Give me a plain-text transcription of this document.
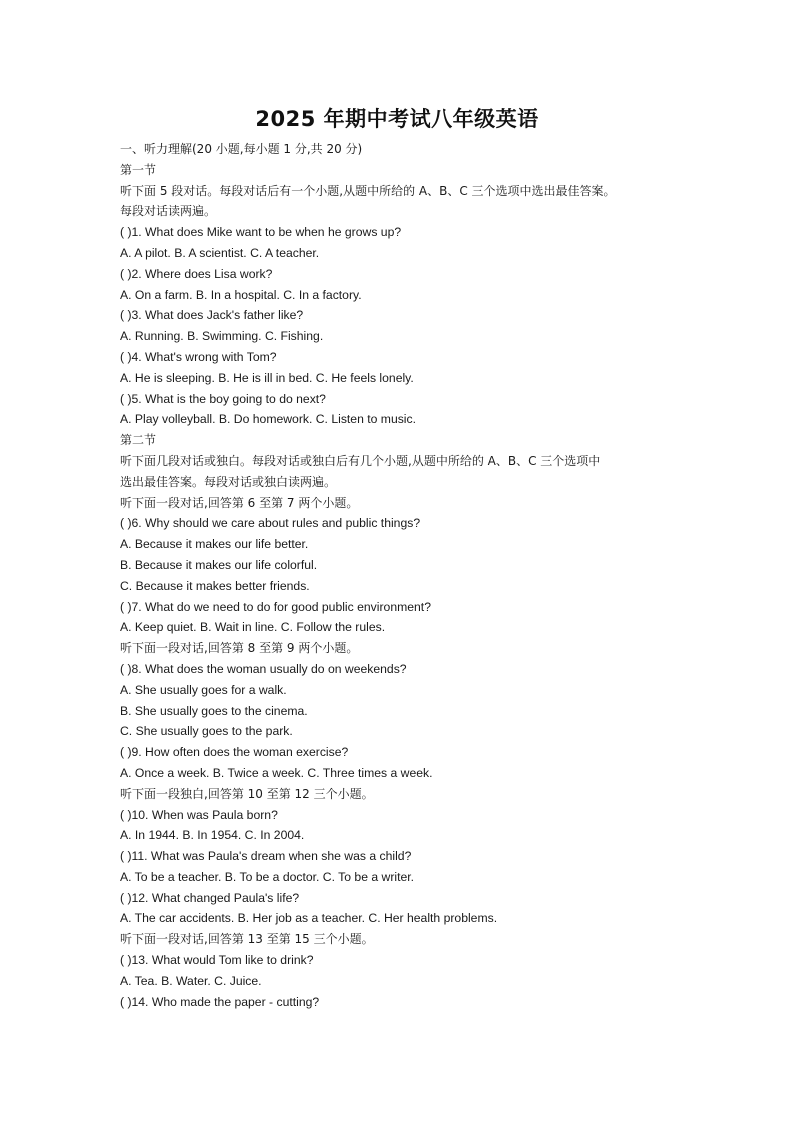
2025 年期中考试八年级英语
一、听力理解(20 小题,每小题 1 分,共 20 分)
第一节
听下面 5 段对话。每段对话后有一个小题,从题中所给的 A、B、C 三个选项中选出最佳答案。
每段对话读两遍。
( )1. What does Mike want to be when he grows up?
A. A pilot. B. A scientist. C. A teacher.
( )2. Where does Lisa work?
A. On a farm. B. In a hospital. C. In a factory.
( )3. What does Jack's father like?
A. Running. B. Swimming. C. Fishing.
( )4. What's wrong with Tom?
A. He is sleeping. B. He is ill in bed. C. He feels lonely.
( )5. What is the boy going to do next?
A. Play volleyball. B. Do homework. C. Listen to music.
第二节
听下面几段对话或独白。每段对话或独白后有几个小题,从题中所给的 A、B、C 三个选项中
选出最佳答案。每段对话或独白读两遍。
听下面一段对话,回答第 6 至第 7 两个小题。
( )6. Why should we care about rules and public things?
A. Because it makes our life better.
B. Because it makes our life colorful.
C. Because it makes better friends.
( )7. What do we need to do for good public environment?
A. Keep quiet. B. Wait in line. C. Follow the rules.
听下面一段对话,回答第 8 至第 9 两个小题。
( )8. What does the woman usually do on weekends?
A. She usually goes for a walk.
B. She usually goes to the cinema.
C. She usually goes to the park.
( )9. How often does the woman exercise?
A. Once a week. B. Twice a week. C. Three times a week.
听下面一段独白,回答第 10 至第 12 三个小题。
( )10. When was Paula born?
A. In 1944. B. In 1954. C. In 2004.
( )11. What was Paula's dream when she was a child?
A. To be a teacher. B. To be a doctor. C. To be a writer.
( )12. What changed Paula's life?
A. The car accidents. B. Her job as a teacher. C. Her health problems.
听下面一段对话,回答第 13 至第 15 三个小题。
( )13. What would Tom like to drink?
A. Tea. B. Water. C. Juice.
( )14. Who made the paper - cutting?
